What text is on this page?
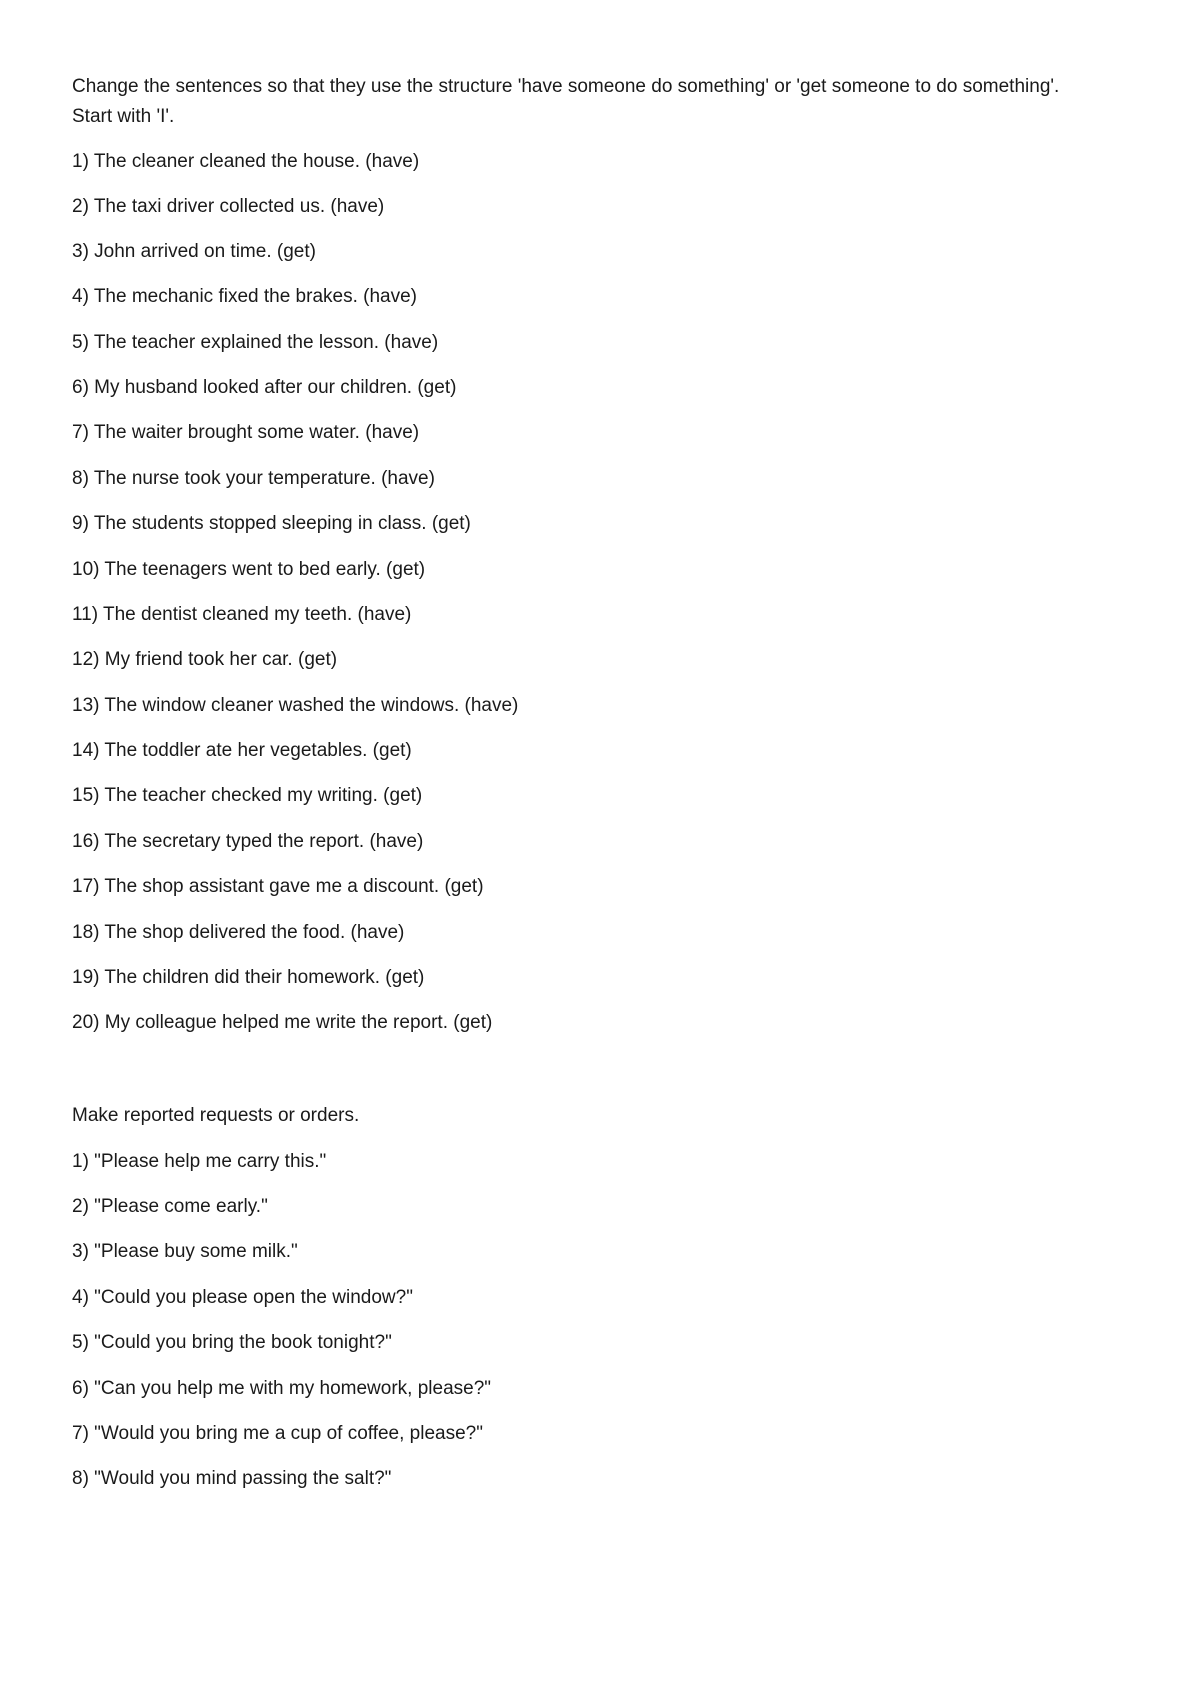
Change the sentences so that they use the structure 'have someone do something' or 'get someone to do something'. Start with 'I'.

1) The cleaner cleaned the house. (have)
2) The taxi driver collected us. (have)
3) John arrived on time. (get)
4) The mechanic fixed the brakes. (have)
5) The teacher explained the lesson. (have)
6) My husband looked after our children. (get)
7) The waiter brought some water. (have)
8) The nurse took your temperature. (have)
9) The students stopped sleeping in class. (get)
10) The teenagers went to bed early. (get)
11) The dentist cleaned my teeth. (have)
12) My friend took her car. (get)
13) The window cleaner washed the windows. (have)
14) The toddler ate her vegetables. (get)
15) The teacher checked my writing. (get)
16) The secretary typed the report. (have)
17) The shop assistant gave me a discount. (get)
18) The shop delivered the food. (have)
19) The children did their homework. (get)
20) My colleague helped me write the report. (get)

Make reported requests or orders.

1) "Please help me carry this."
2) "Please come early."
3) "Please buy some milk."
4) "Could you please open the window?"
5) "Could you bring the book tonight?"
6) "Can you help me with my homework, please?"
7) "Would you bring me a cup of coffee, please?"
8) "Would you mind passing the salt?"
